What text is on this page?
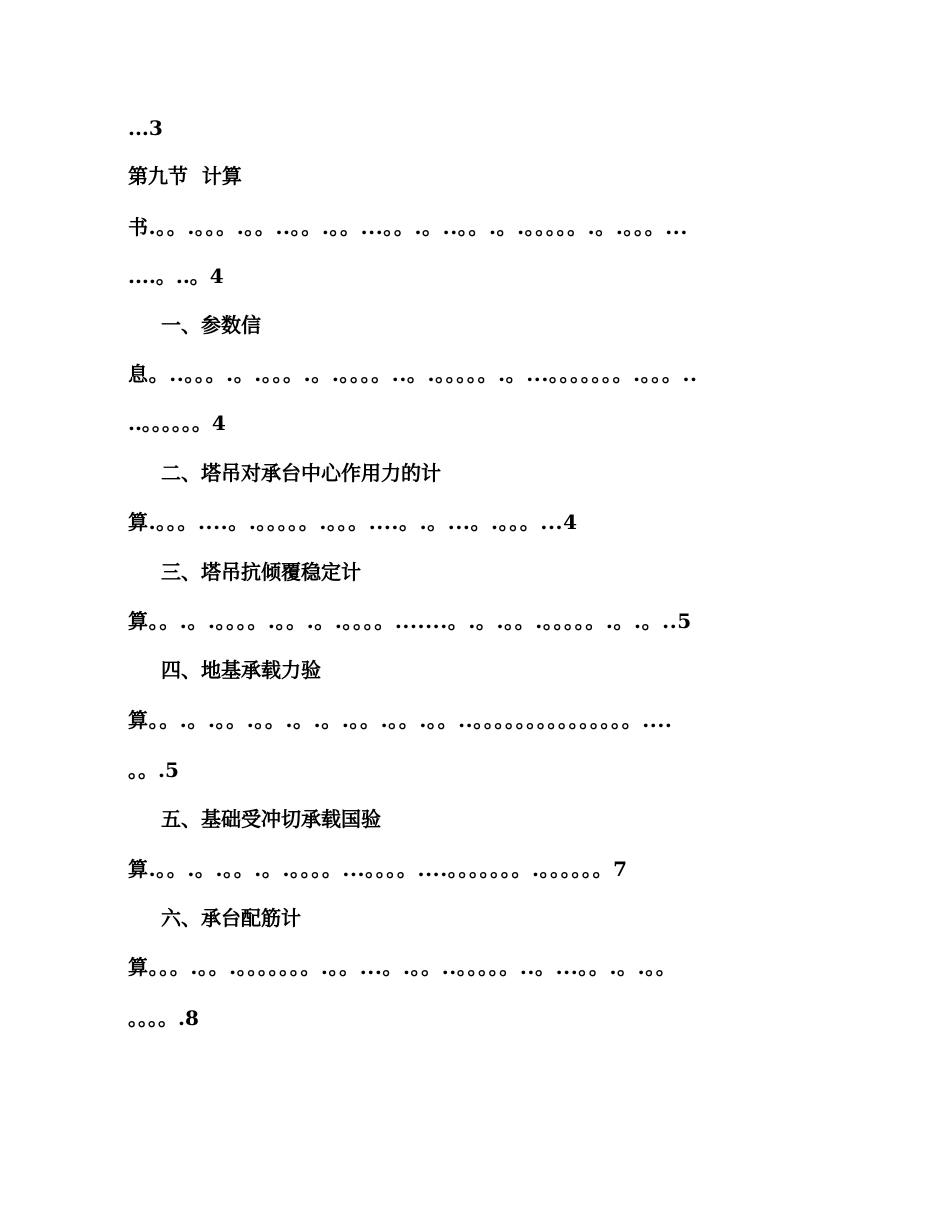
...3
第九节  计算
书.。。.。。。.。。..。。.。。...。。.。..。。.。.。。。。。.。.。。。...
....。..。4
一、参数信
息。..。。。.。.。。。.。.。。。。..。.。。。。。.。...。。。。。。。.。。。..
..。。。。。。4
二、塔吊对承台中心作用力的计
算.。。。....。.。。。。。.。。。....。.。...。.。。。...4
三、塔吊抗倾覆稳定计
算。。.。.。。。。.。。.。.。。。。.......。.。.。。.。。。。。.。.。..5
四、地基承载力验
算。。.。.。。.。。.。.。.。。.。。.。。..。。。。。。。。。。。。。。。....
。。.5
五、基础受冲切承载国验
算.。。.。.。。.。.。。。。...。。。。....。。。。。。。.。。。。。。7
六、承台配筋计
算。。。.。。.。。。。。。。.。。...。.。。..。。。。。..。...。。.。.。。
。。。。.8
